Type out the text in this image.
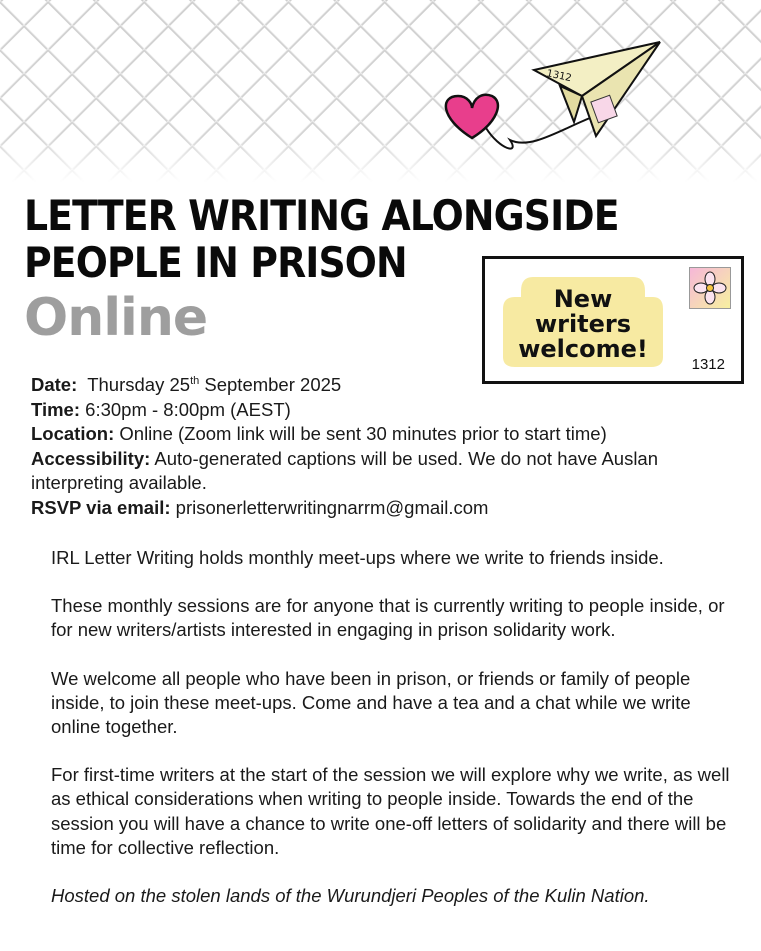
1312
LETTER WRITING ALONGSIDE
PEOPLE IN PRISON
Online	New
writers
welcome!
1312

Date: Thursday 25th September 2025

Time: 6:30pm - 8:00pm (AEST)

Location: Online (Zoom link will be sent 30 minutes prior to start time)

Accessibility: Auto-generated captions will be used. We do not have Auslan interpreting available.

RSVP via email: prisonerletterwritingnarrm@gmail.com

IRL Letter Writing holds monthly meet-ups where we write to friends inside.

These monthly sessions are for anyone that is currently writing to people inside, or for new writers/artists interested in engaging in prison solidarity work.

We welcome all people who have been in prison, or friends or family of people inside, to join these meet-ups. Come and have a tea and a chat while we write online together.

For first-time writers at the start of the session we will explore why we write, as well as ethical considerations when writing to people inside. Towards the end of the session you will have a chance to write one-off letters of solidarity and there will be time for collective reflection.

Hosted on the stolen lands of the Wurundjeri Peoples of the Kulin Nation.
